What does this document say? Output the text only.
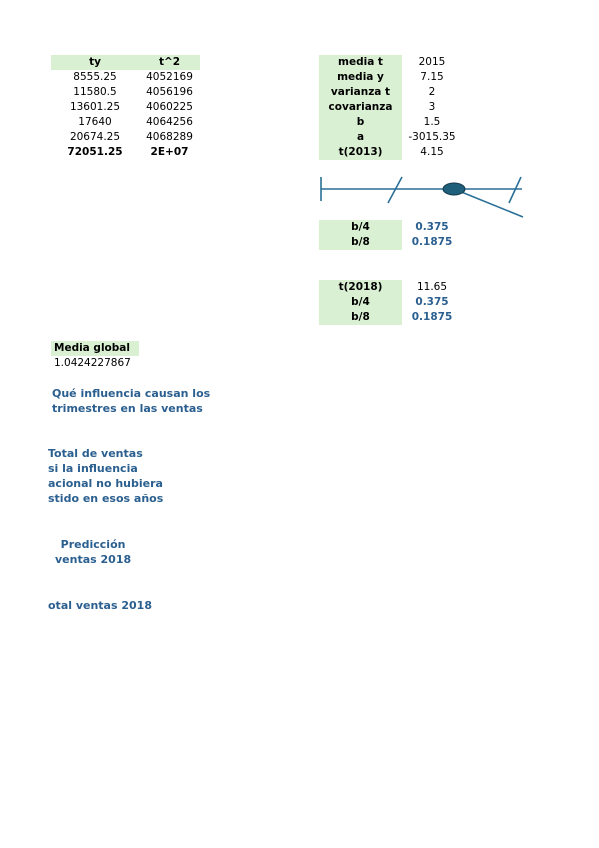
ty	t^2
8555.25	4052169
11580.5	4056196
13601.25	4060225
17640	4064256
20674.25	4068289
72051.25	2E+07
media t	2015
media y	7.15
varianza t	2
covarianza	3
b	1.5
a	-3015.35
t(2013)	4.15
b/4	0.375
b/8	0.1875
t(2018)	11.65
b/4	0.375
b/8	0.1875
Media global
1.0424227867
Qué influencia causan los
trimestres en las ventas
Total de ventas
si la influencia
acional no hubiera
stido en esos años
Predicción
ventas 2018
otal ventas 2018
